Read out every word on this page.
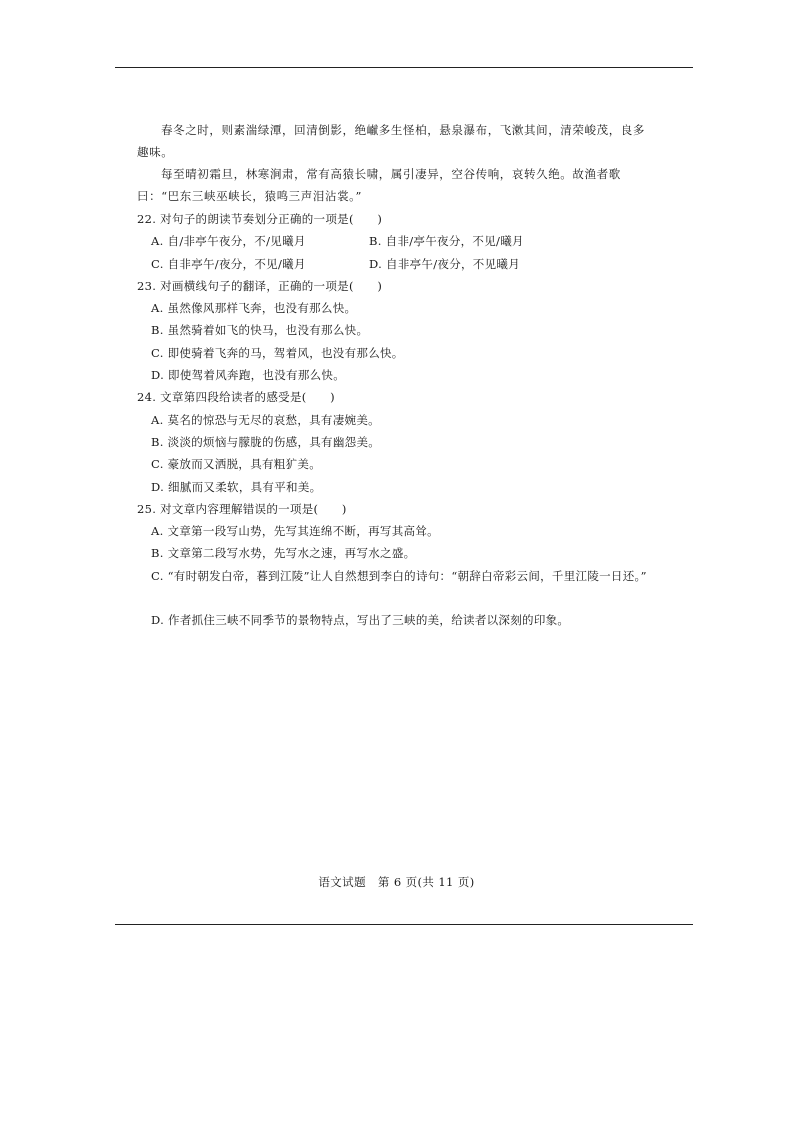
春冬之时，则素湍绿潭，回清倒影，绝𪩘多生怪柏，悬泉瀑布，飞漱其间，清荣峻茂，良多趣味。

每至晴初霜旦，林寒涧肃，常有高猿长啸，属引凄异，空谷传响，哀转久绝。故渔者歌曰：“巴东三峡巫峡长，猿鸣三声泪沾裳。”

22. 对句子的朗读节奏划分正确的一项是(　　)

A. 自/非亭午夜分，不/见曦月	B. 自非/亭午夜分，不见/曦月

C. 自非亭午/夜分，不见/曦月	D. 自非亭午/夜分，不见曦月

23. 对画横线句子的翻译，正确的一项是(　　)

A. 虽然像风那样飞奔，也没有那么快。

B. 虽然骑着如飞的快马，也没有那么快。

C. 即使骑着飞奔的马，驾着风，也没有那么快。

D. 即使驾着风奔跑，也没有那么快。

24. 文章第四段给读者的感受是(　　)

A. 莫名的惊恐与无尽的哀愁，具有凄婉美。

B. 淡淡的烦恼与朦胧的伤感，具有幽怨美。

C. 豪放而又洒脱，具有粗犷美。

D. 细腻而又柔软，具有平和美。

25. 对文章内容理解错误的一项是(　　)

A. 文章第一段写山势，先写其连绵不断，再写其高耸。

B. 文章第二段写水势，先写水之速，再写水之盛。

C. “有时朝发白帝，暮到江陵”让人自然想到李白的诗句：“朝辞白帝彩云间，千里江陵一日还。”

D. 作者抓住三峡不同季节的景物特点，写出了三峡的美，给读者以深刻的印象。

语文试题　第 6 页(共 11 页)
